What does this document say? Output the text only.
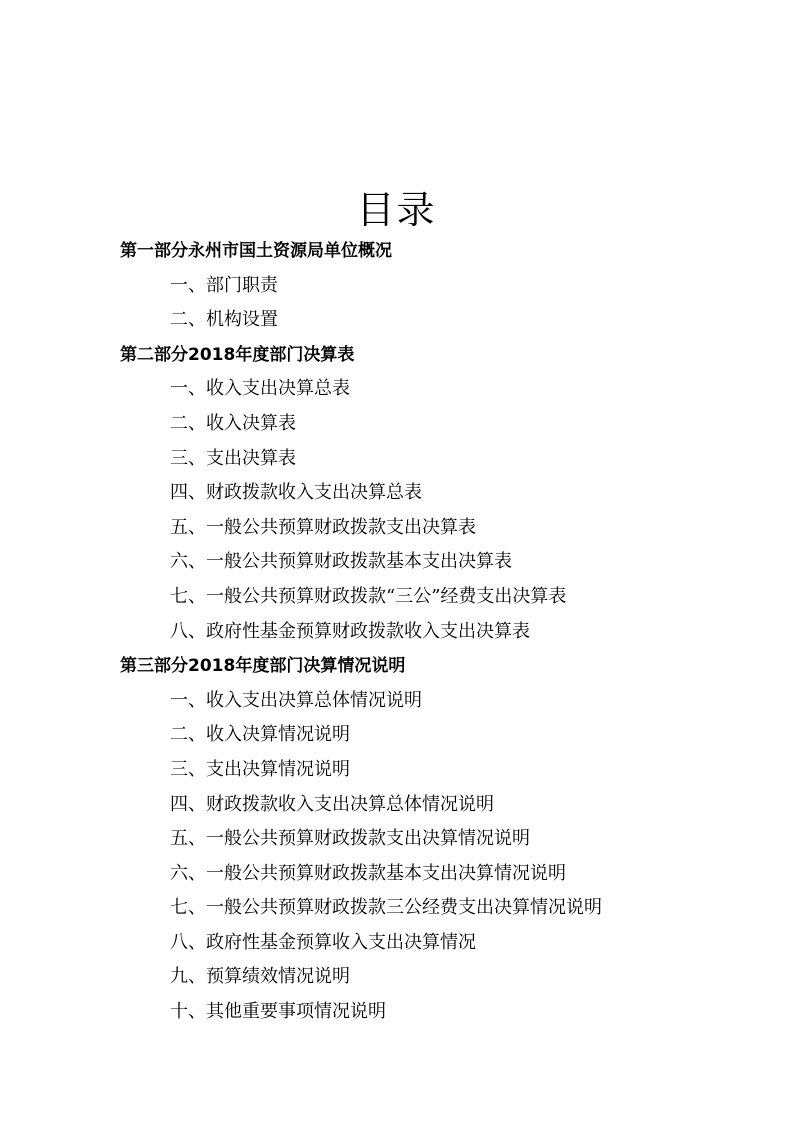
目录
第一部分永州市国土资源局单位概况
一、部门职责
二、机构设置
第二部分2018年度部门决算表
一、收入支出决算总表
二、收入决算表
三、支出决算表
四、财政拨款收入支出决算总表
五、一般公共预算财政拨款支出决算表
六、一般公共预算财政拨款基本支出决算表
七、一般公共预算财政拨款“三公”经费支出决算表
八、政府性基金预算财政拨款收入支出决算表
第三部分2018年度部门决算情况说明
一、收入支出决算总体情况说明
二、收入决算情况说明
三、支出决算情况说明
四、财政拨款收入支出决算总体情况说明
五、一般公共预算财政拨款支出决算情况说明
六、一般公共预算财政拨款基本支出决算情况说明
七、一般公共预算财政拨款三公经费支出决算情况说明
八、政府性基金预算收入支出决算情况
九、预算绩效情况说明
十、其他重要事项情况说明
